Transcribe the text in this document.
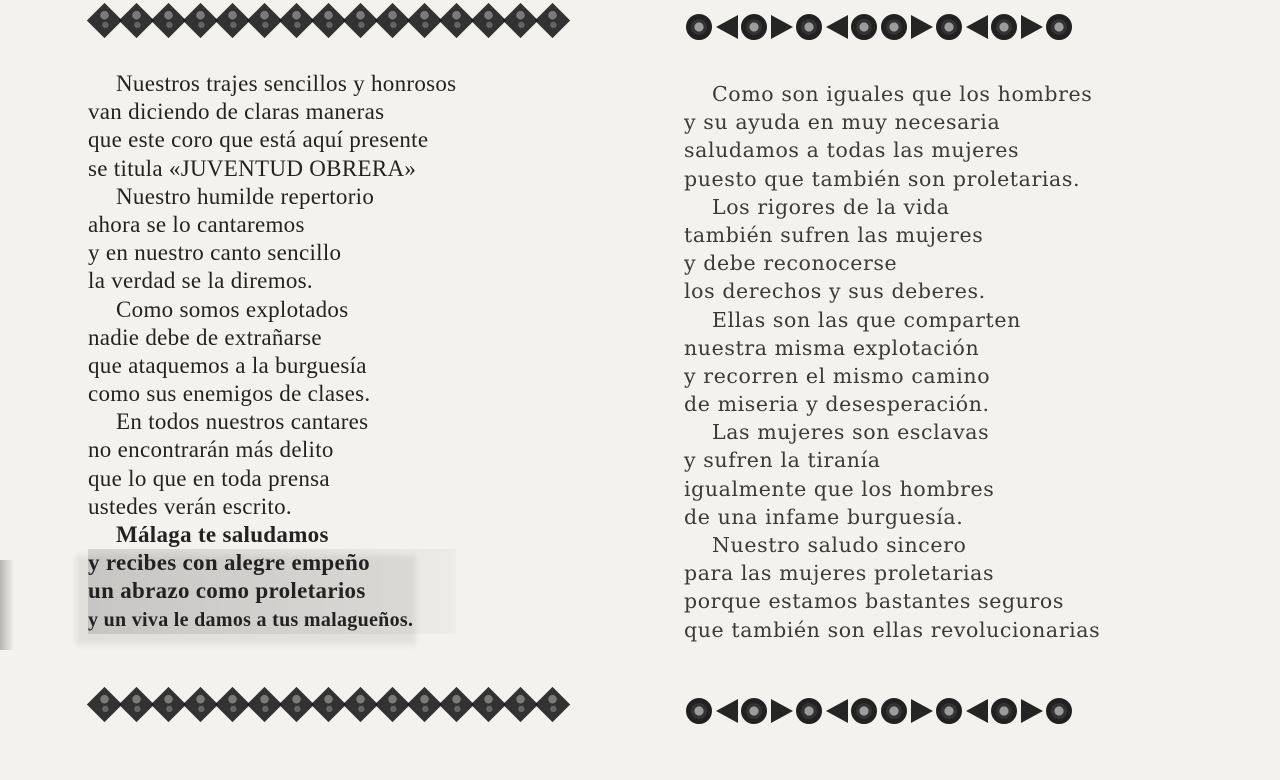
Nuestros trajes sencillos y honrosos
van diciendo de claras maneras
que este coro que está aquí presente
se titula «JUVENTUD OBRERA»
Nuestro humilde repertorio
ahora se lo cantaremos
y en nuestro canto sencillo
la verdad se la diremos.
Como somos explotados
nadie debe de extrañarse
que ataquemos a la burguesía
como sus enemigos de clases.
En todos nuestros cantares
no encontrarán más delito
que lo que en toda prensa
ustedes verán escrito.
Málaga te saludamos
y recibes con alegre empeño
un abrazo como proletarios
y un viva le damos a tus malagueños.
Como son iguales que los hombres
y su ayuda en muy necesaria
saludamos a todas las mujeres
puesto que también son proletarias.
Los rigores de la vida
también sufren las mujeres
y debe reconocerse
los derechos y sus deberes.
Ellas son las que comparten
nuestra misma explotación
y recorren el mismo camino
de miseria y desesperación.
Las mujeres son esclavas
y sufren la tiranía
igualmente que los hombres
de una infame burguesía.
Nuestro saludo sincero
para las mujeres proletarias
porque estamos bastantes seguros
que también son ellas revolucionarias
